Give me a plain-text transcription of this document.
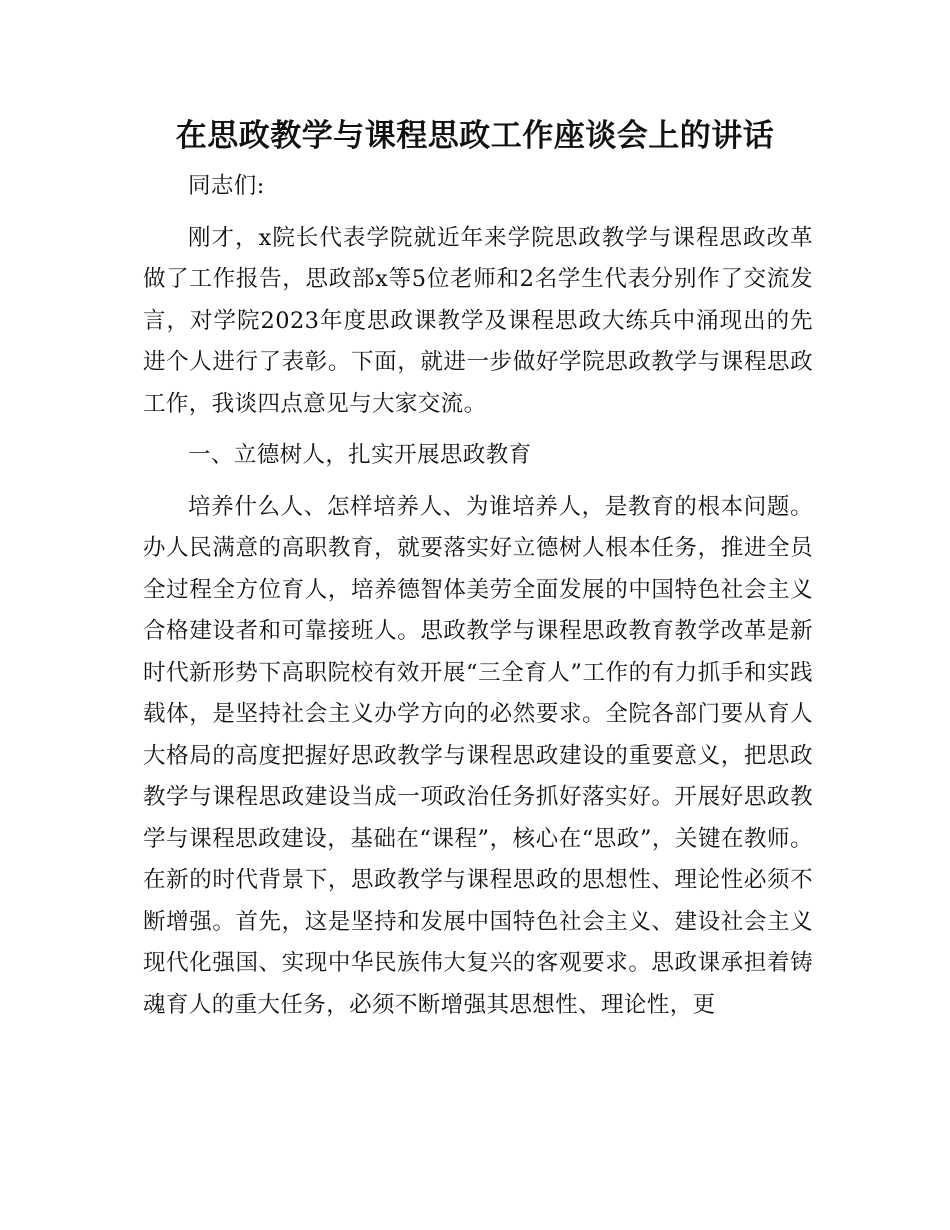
在思政教学与课程思政工作座谈会上的讲话

同志们:

刚才，x院长代表学院就近年来学院思政教学与课程思政改革做了工作报告，思政部x等5位老师和2名学生代表分别作了交流发言，对学院2023年度思政课教学及课程思政大练兵中涌现出的先进个人进行了表彰。下面，就进一步做好学院思政教学与课程思政工作，我谈四点意见与大家交流。

一、立德树人，扎实开展思政教育

培养什么人、怎样培养人、为谁培养人，是教育的根本问题。办人民满意的高职教育，就要落实好立德树人根本任务，推进全员全过程全方位育人，培养德智体美劳全面发展的中国特色社会主义合格建设者和可靠接班人。思政教学与课程思政教育教学改革是新时代新形势下高职院校有效开展“三全育人”工作的有力抓手和实践载体，是坚持社会主义办学方向的必然要求。全院各部门要从育人大格局的高度把握好思政教学与课程思政建设的重要意义，把思政教学与课程思政建设当成一项政治任务抓好落实好。开展好思政教学与课程思政建设，基础在“课程”，核心在“思政”，关键在教师。在新的时代背景下，思政教学与课程思政的思想性、理论性必须不断增强。首先，这是坚持和发展中国特色社会主义、建设社会主义现代化强国、实现中华民族伟大复兴的客观要求。思政课承担着铸魂育人的重大任务，必须不断增强其思想性、理论性，更
